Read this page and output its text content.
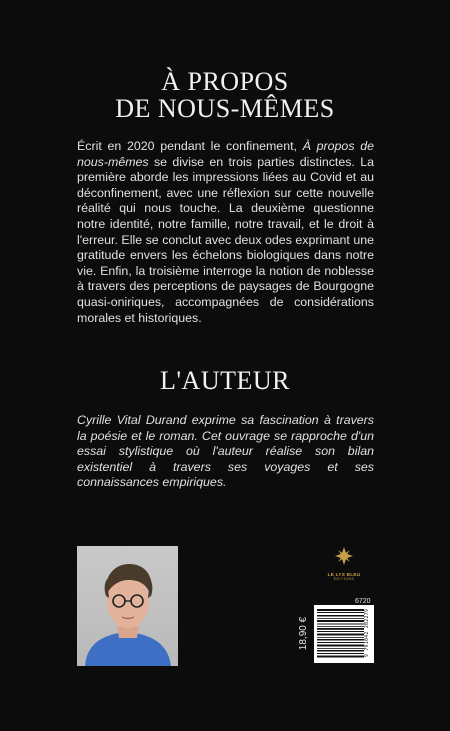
À PROPOS
DE NOUS-MÊMES
Écrit en 2020 pendant le confinement, À propos de nous-mêmes se divise en trois parties distinctes. La première aborde les impressions liées au Covid et au déconfinement, avec une réflexion sur cette nouvelle réalité qui nous touche. La deuxième questionne notre identité, notre famille, notre travail, et le droit à l'erreur. Elle se conclut avec deux odes exprimant une gratitude envers les échelons biologiques dans notre vie. Enfin, la troisième interroge la notion de noblesse à travers des perceptions de paysages de Bourgogne quasi-oniriques, accompagnées de considérations morales et historiques.
L'AUTEUR
Cyrille Vital Durand exprime sa fascination à travers la poésie et le roman. Cet ouvrage se rapproche d'un essai stylistique où l'auteur réalise son bilan existentiel à travers ses voyages et ses connaissances empiriques.
LE LYS BLEU
ÉDITIONS
6720
18,90 €	9 791042 202279
